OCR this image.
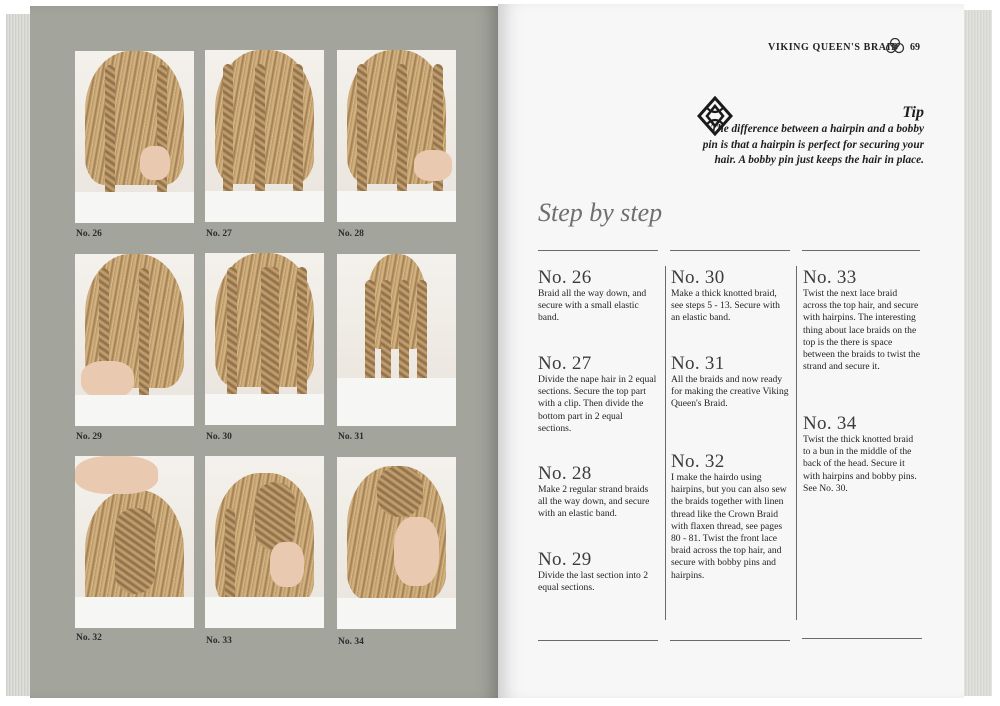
No. 26	No. 27	No. 28
No. 29	No. 30	No. 31
No. 32	No. 33	No. 34
VIKING QUEEN'S BRAID 69
Tip
The difference between a hairpin and a bobby pin is that a hairpin is perfect for securing your hair. A bobby pin just keeps the hair in place.
Step by step
No. 26
Braid all the way down, and secure with a small elastic band.
No. 27
Divide the nape hair in 2 equal sections. Secure the top part with a clip. Then divide the bottom part in 2 equal sections.
No. 28
Make 2 regular strand braids all the way down, and secure with an elastic band.
No. 29
Divide the last section into 2 equal sections.
No. 30
Make a thick knotted braid, see steps 5 - 13. Secure with an elastic band.
No. 31
All the braids and now ready for making the creative Viking Queen's Braid.
No. 32
I make the hairdo using hairpins, but you can also sew the braids together with linen thread like the Crown Braid with flaxen thread, see pages 80 - 81. Twist the front lace braid across the top hair, and secure with bobby pins and hairpins.
No. 33
Twist the next lace braid across the top hair, and secure with hairpins. The interesting thing about lace braids on the top is the there is space between the braids to twist the strand and secure it.
No. 34
Twist the thick knotted braid to a bun in the middle of the back of the head. Secure it with hairpins and bobby pins. See No. 30.
